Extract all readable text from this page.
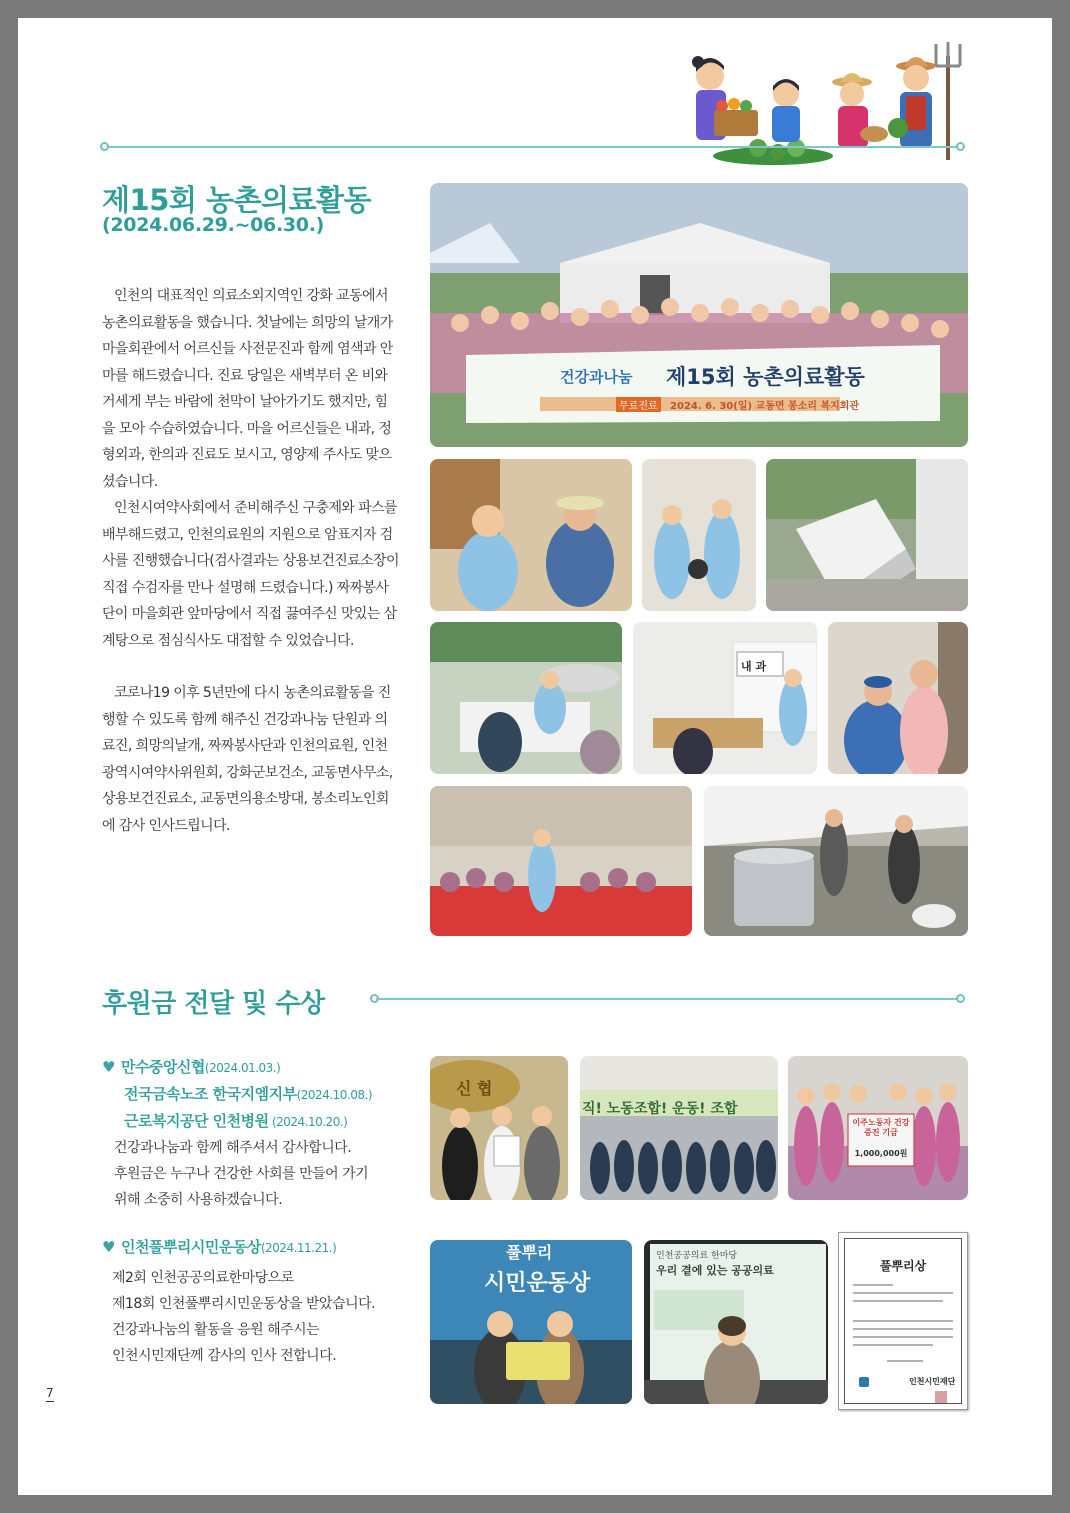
제15회 농촌의료활동
(2024.06.29.~06.30.)

인천의 대표적인 의료소외지역인 강화 교동에서 농촌의료활동을 했습니다. 첫날에는 희망의 날개가 마을회관에서 어르신들 사전문진과 함께 염색과 안마를 해드렸습니다. 진료 당일은 새벽부터 온 비와 거세게 부는 바람에 천막이 날아가기도 했지만, 힘을 모아 수습하였습니다. 마을 어르신들은 내과, 정형외과, 한의과 진료도 보시고, 영양제 주사도 맞으셨습니다.

인천시여약사회에서 준비해주신 구충제와 파스를 배부해드렸고, 인천의료원의 지원으로 암표지자 검사를 진행했습니다(검사결과는 상용보건진료소장이 직접 수검자를 만나 설명해 드렸습니다.) 짜짜봉사단이 마을회관 앞마당에서 직접 끓여주신 맛있는 삼계탕으로 점심식사도 대접할 수 있었습니다.

코로나19 이후 5년만에 다시 농촌의료활동을 진행할 수 있도록 함께 해주신 건강과나눔 단원과 의료진, 희망의날개, 짜짜봉사단과 인천의료원, 인천광역시여약사위원회, 강화군보건소, 교동면사무소, 상용보건진료소, 교동면의용소방대, 봉소리노인회에 감사 인사드립니다.

건강과나눔 제15회 농촌의료활동
무료진료	2024. 6. 30(일) 교동면 봉소리 복지회관
내 과
후원금 전달 및 수상
♥ 만수중앙신협(2024.01.03.)
전국금속노조 한국지엠지부(2024.10.08.)
근로복지공단 인천병원 (2024.10.20.)
건강과나눔과 함께 해주셔서 감사합니다.
후원금은 누구나 건강한 사회를 만들어 가기
위해 소중히 사용하겠습니다.
♥ 인천풀뿌리시민운동상(2024.11.21.)
제2회 인천공공의료한마당으로
제18회 인천풀뿌리시민운동상을 받았습니다.
건강과나눔의 활동을 응원 해주시는
인천시민재단께 감사의 인사 전합니다.
신 협
직! 노동조합! 운동! 조합
이주노동자 건강증진 기금
1,000,000원
풀뿌리
시민운동상
인천공공의료 한마당
우리 곁에 있는 공공의료	풀뿌리상
인천시민재단
7
